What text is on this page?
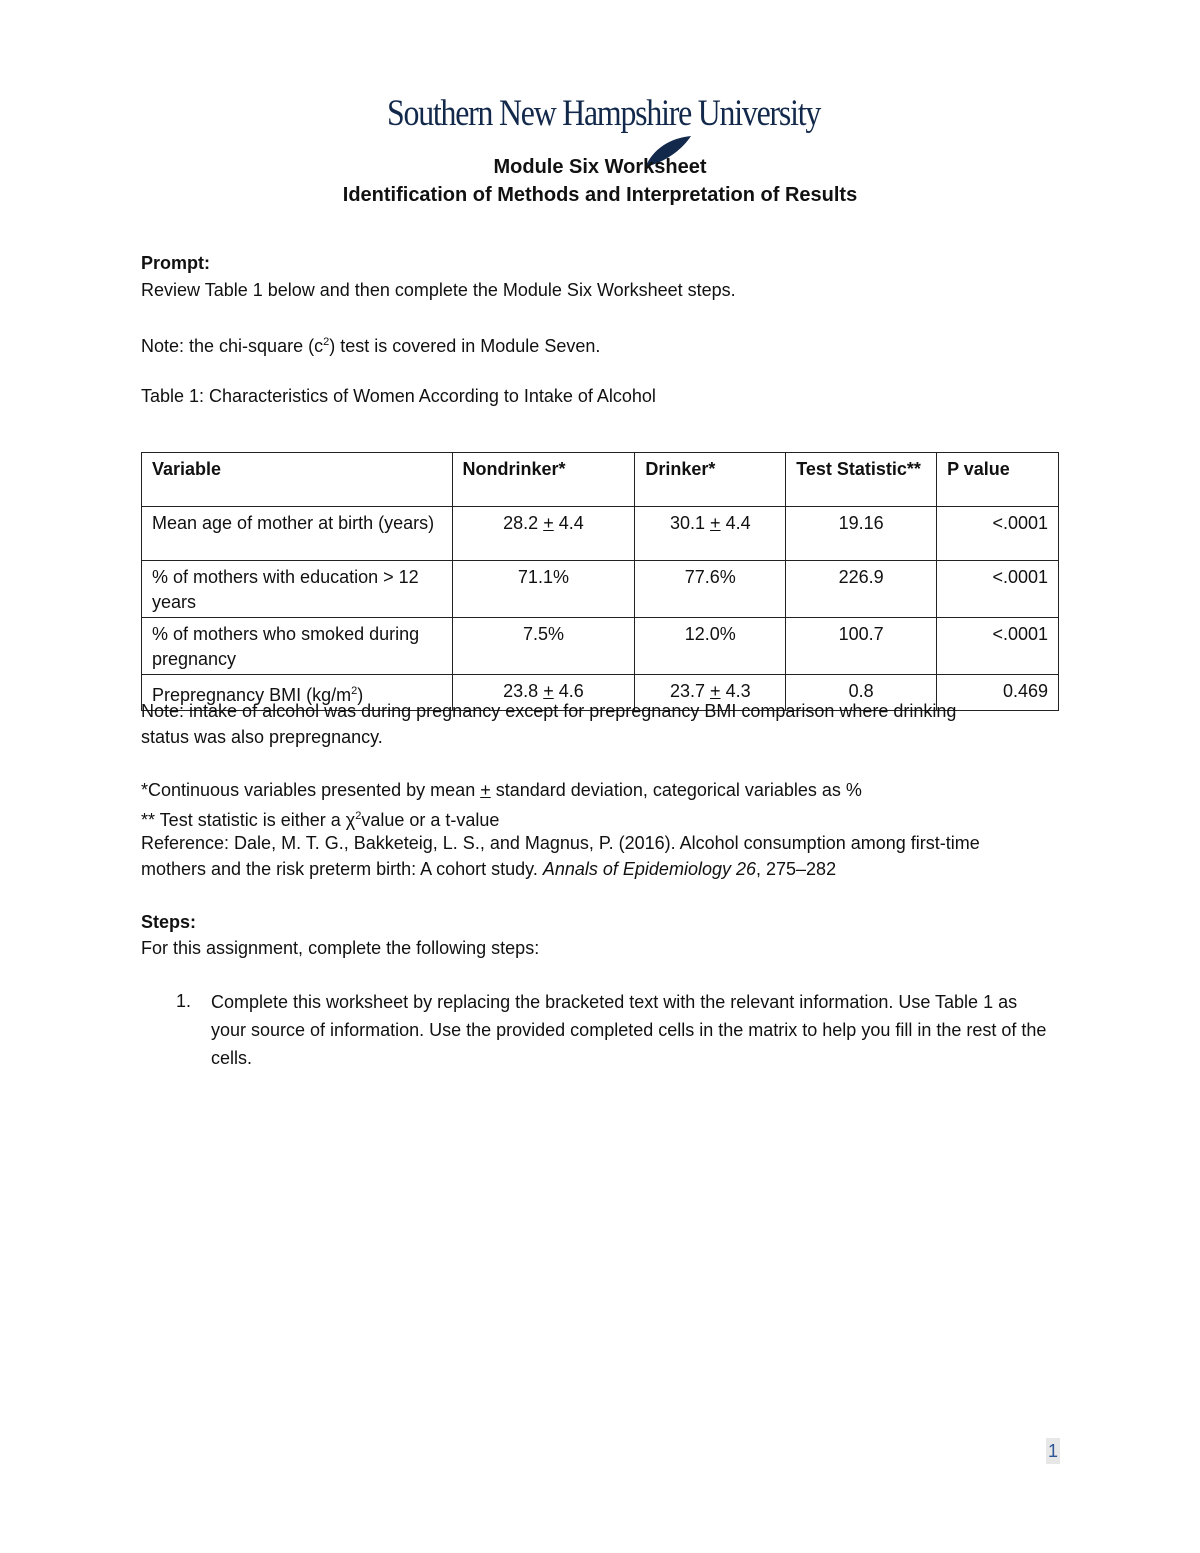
Southern New Hampshire University
Module Six Worksheet
Identification of Methods and Interpretation of Results
Prompt:
Review Table 1 below and then complete the Module Six Worksheet steps.
Note: the chi-square $(c^2)$ test is covered in Module Seven.
Table 1: Characteristics of Women According to Intake of Alcohol
Variable	Nondrinker*	Drinker*	Test Statistic**	P value
Mean age of mother at birth (years)	28.2 + 4.4	30.1 + 4.4	19.16	<.0001
% of mothers with education > 12 years	71.1%	77.6%	226.9	<.0001
% of mothers who smoked during pregnancy	7.5%	12.0%	100.7	<.0001
Prepregnancy BMI $(kg/m^2)$	23.8 + 4.6	23.7 + 4.3	0.8	0.469
Note: intake of alcohol was during pregnancy except for prepregnancy BMI comparison where drinking
status was also prepregnancy.
*Continuous variables presented by mean + standard deviation, categorical variables as %
** Test statistic is either a $\chi^2value$ or a t-value
Reference: Dale, M. T. G., Bakketeig, L. S., and Magnus, P. (2016). Alcohol consumption among first-time
mothers and the risk preterm birth: A cohort study. Annals of Epidemiology 26, 275–282
Steps:
For this assignment, complete the following steps:
1. Complete this worksheet by replacing the bracketed text with the relevant information. Use Table 1 as your source of information. Use the provided completed cells in the matrix to help you fill in the rest of the cells.
1
